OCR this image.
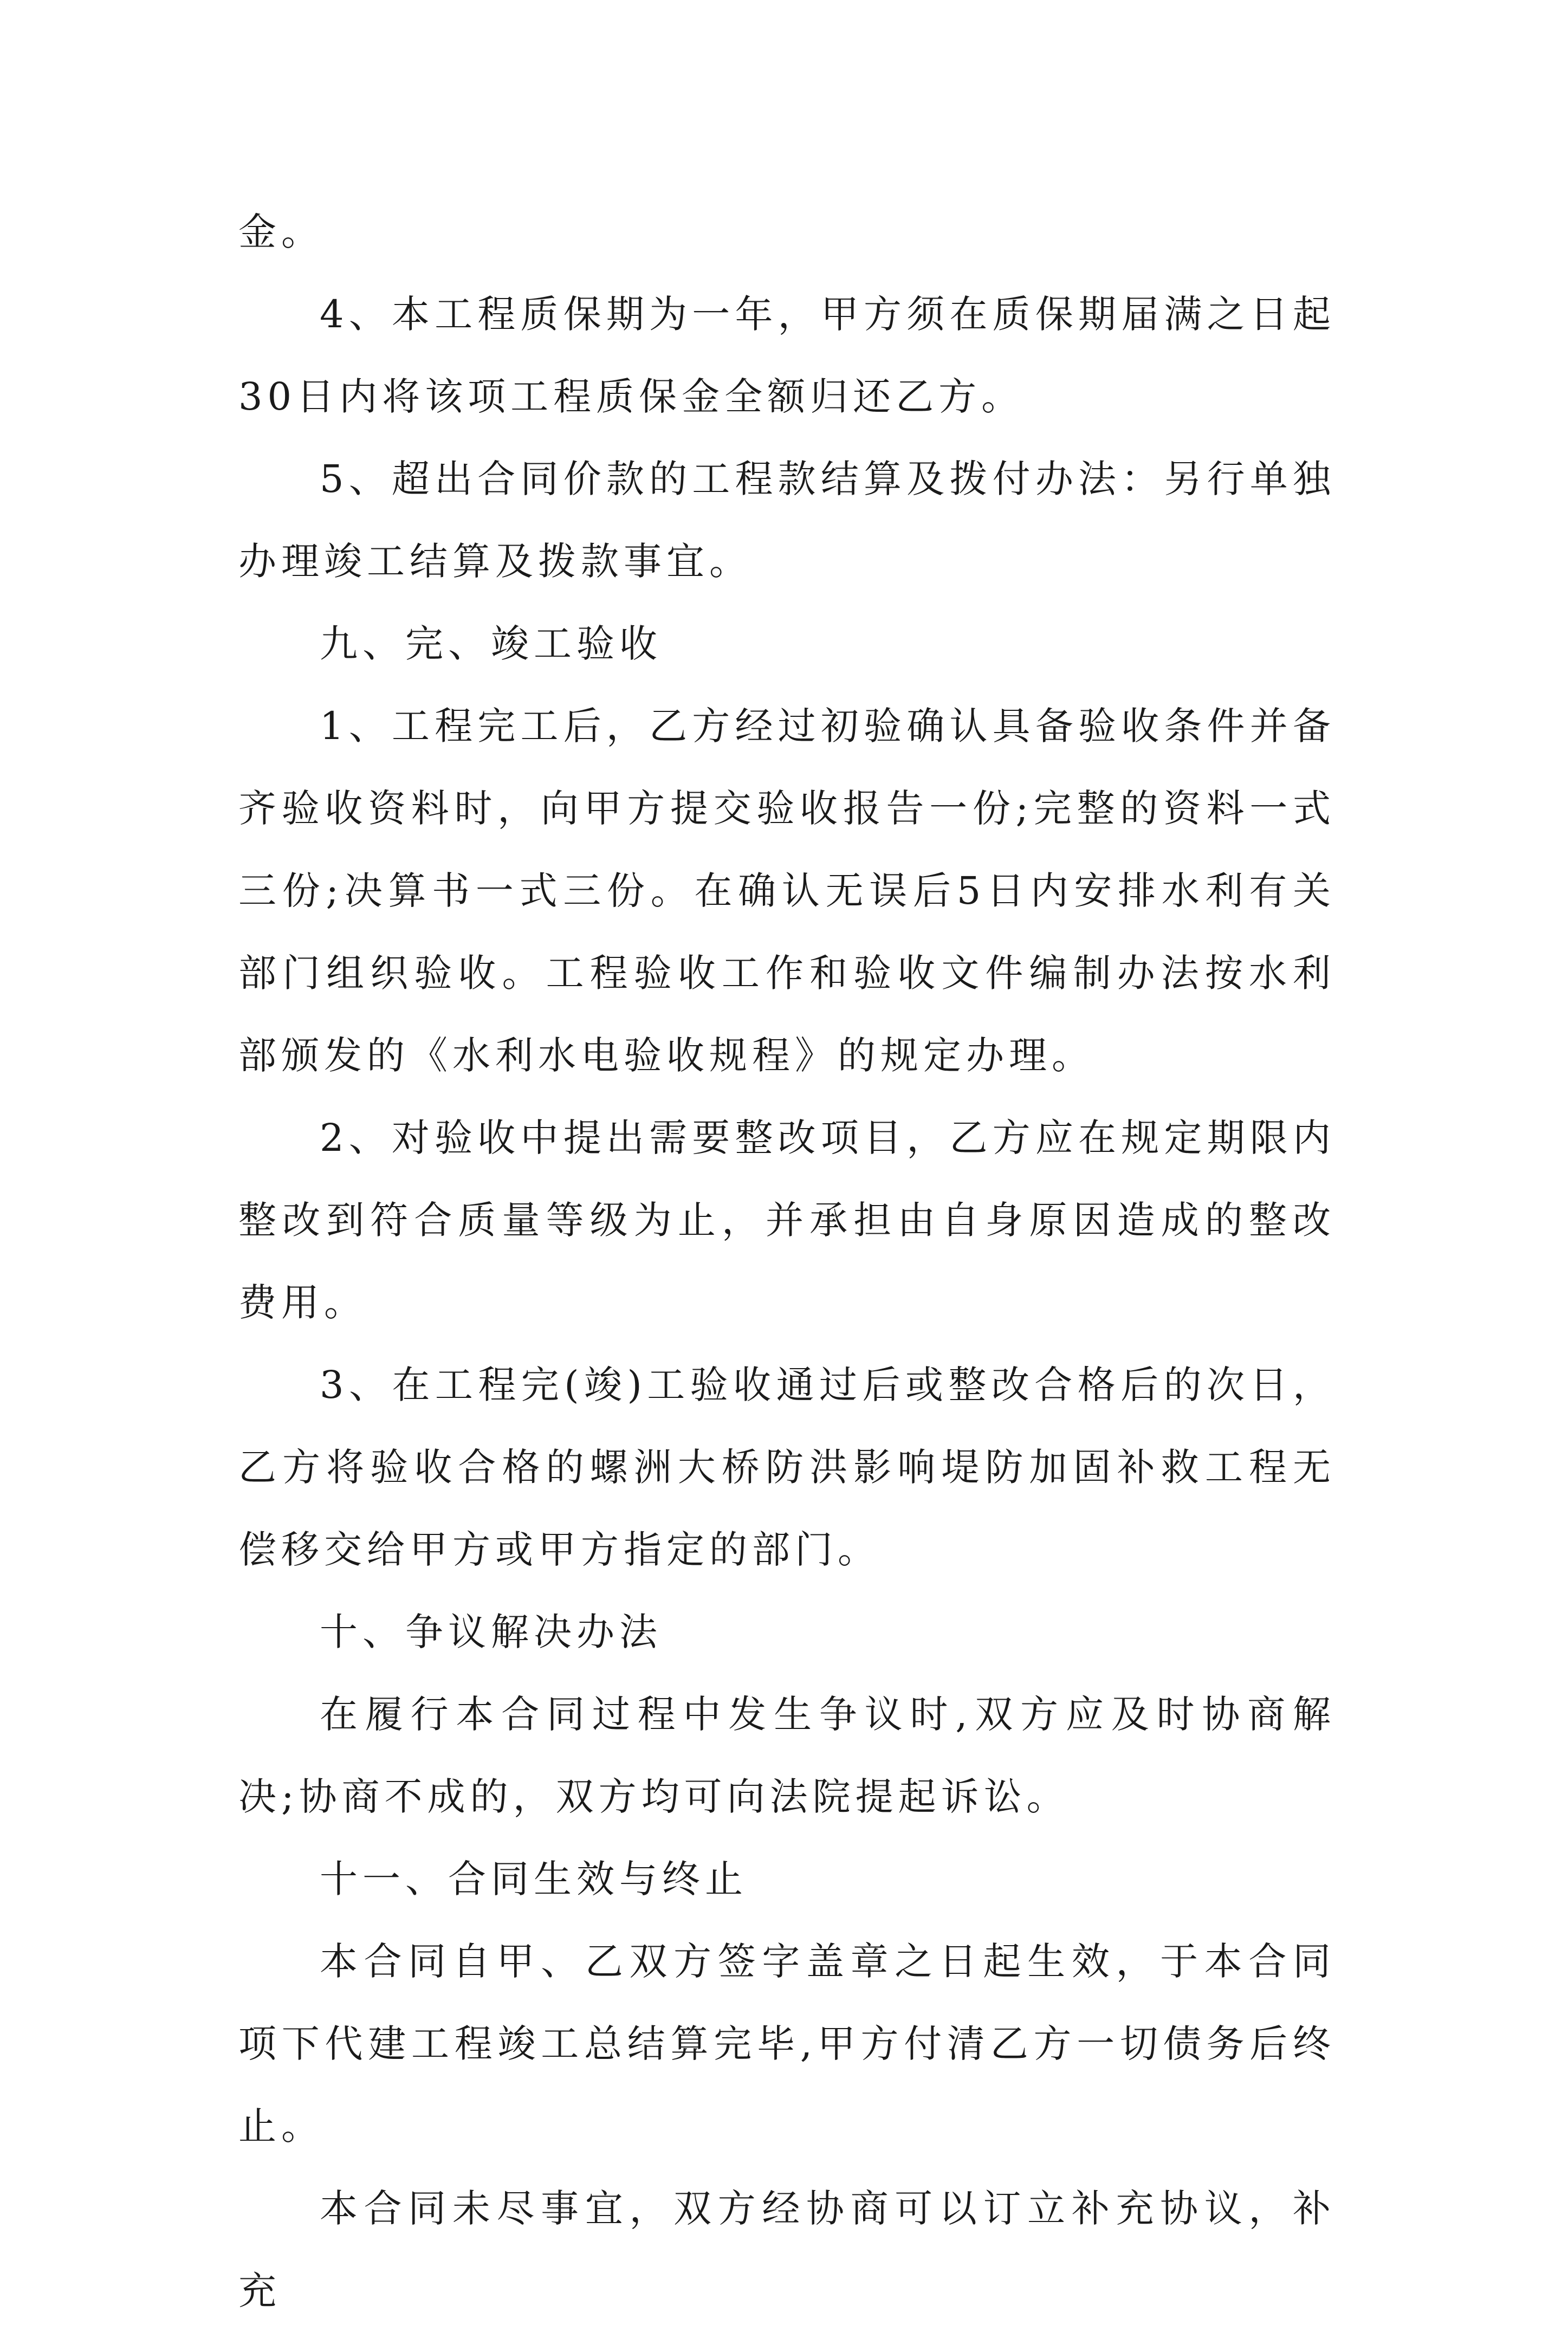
金。

4、本工程质保期为一年，甲方须在质保期届满之日起30日内将该项工程质保金全额归还乙方。

5、超出合同价款的工程款结算及拨付办法：另行单独办理竣工结算及拨款事宜。

九、完、竣工验收

1、工程完工后，乙方经过初验确认具备验收条件并备齐验收资料时，向甲方提交验收报告一份;完整的资料一式三份;决算书一式三份。在确认无误后5日内安排水利有关部门组织验收。工程验收工作和验收文件编制办法按水利部颁发的《水利水电验收规程》的规定办理。

2、对验收中提出需要整改项目，乙方应在规定期限内整改到符合质量等级为止，并承担由自身原因造成的整改费用。

3、在工程完(竣)工验收通过后或整改合格后的次日，乙方将验收合格的螺洲大桥防洪影响堤防加固补救工程无偿移交给甲方或甲方指定的部门。

十、争议解决办法

在履行本合同过程中发生争议时,双方应及时协商解决;协商不成的，双方均可向法院提起诉讼。

十一、合同生效与终止

本合同自甲、乙双方签字盖章之日起生效，于本合同项下代建工程竣工总结算完毕,甲方付清乙方一切债务后终止。

本合同未尽事宜，双方经协商可以订立补充协议，补充
